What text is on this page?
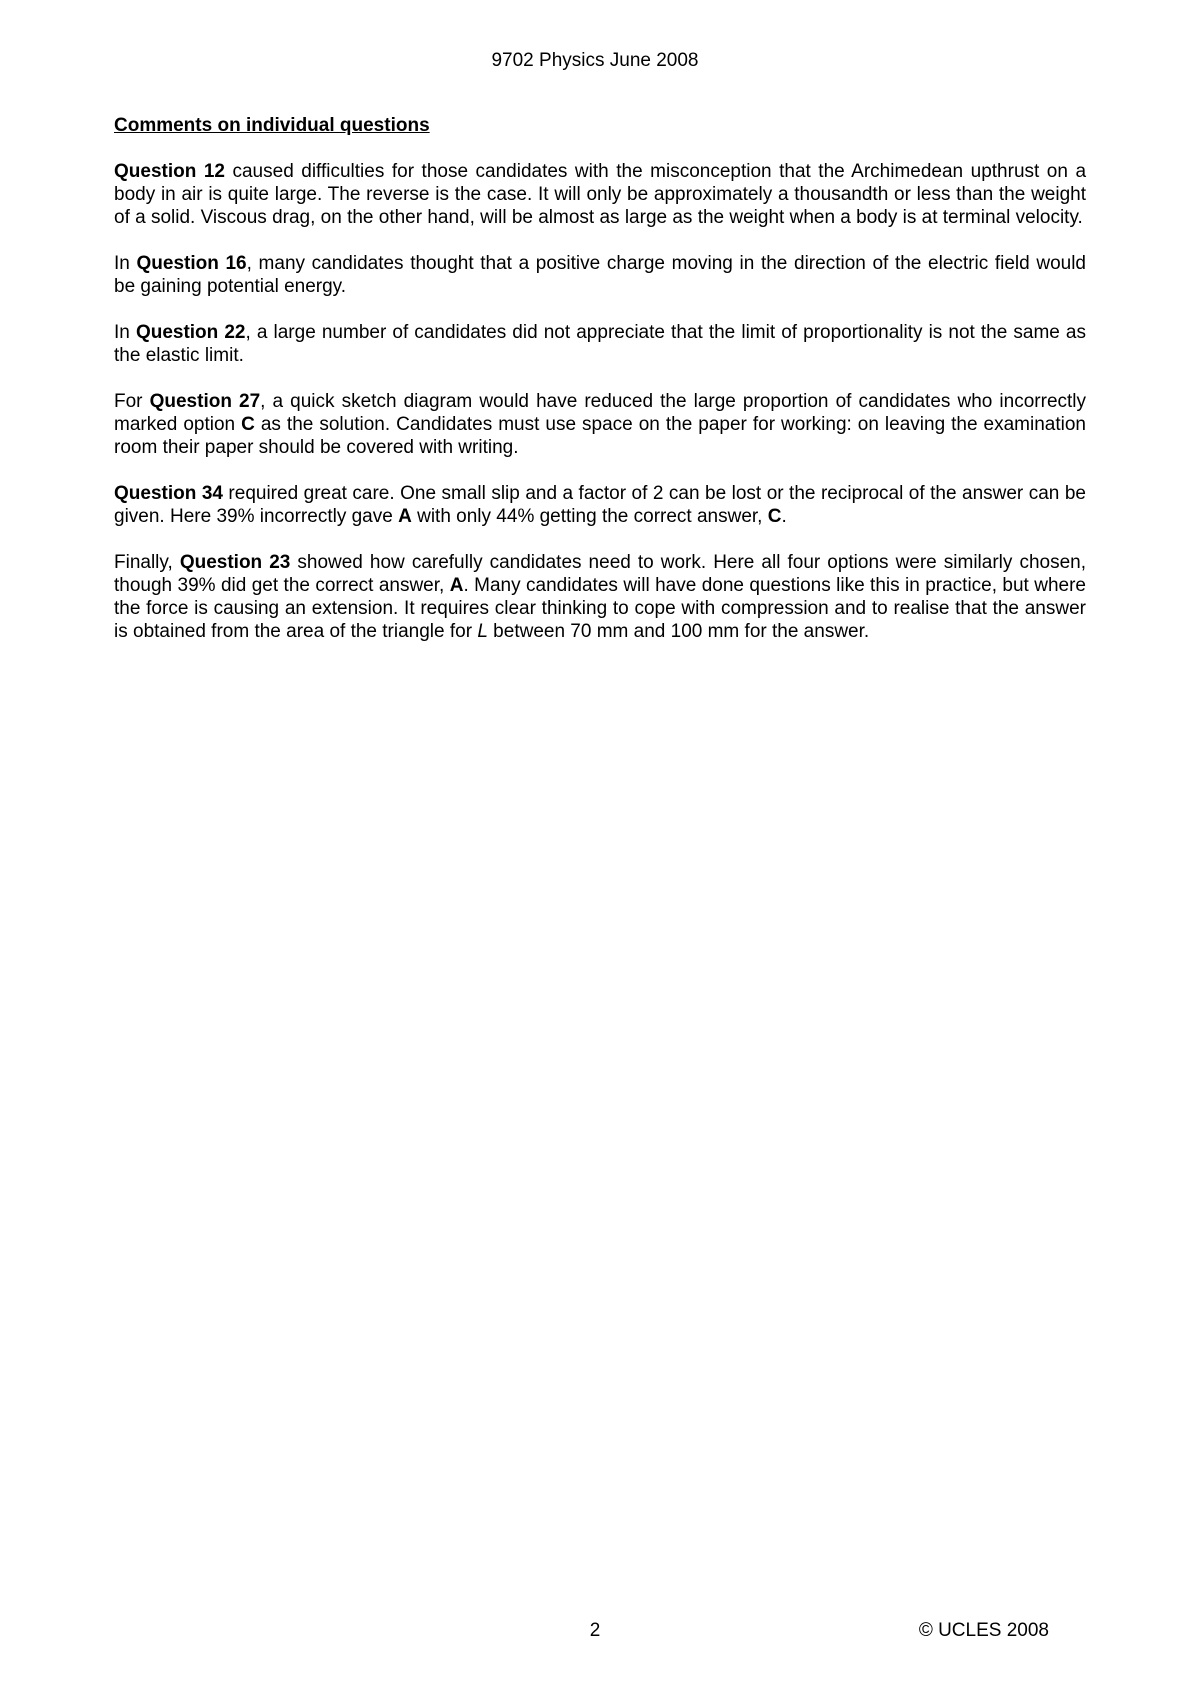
9702 Physics June 2008
Comments on individual questions

Question 12 caused difficulties for those candidates with the misconception that the Archimedean upthrust on a body in air is quite large. The reverse is the case. It will only be approximately a thousandth or less than the weight of a solid. Viscous drag, on the other hand, will be almost as large as the weight when a body is at terminal velocity.

In Question 16, many candidates thought that a positive charge moving in the direction of the electric field would be gaining potential energy.

In Question 22, a large number of candidates did not appreciate that the limit of proportionality is not the same as the elastic limit.

For Question 27, a quick sketch diagram would have reduced the large proportion of candidates who incorrectly marked option C as the solution. Candidates must use space on the paper for working: on leaving the examination room their paper should be covered with writing.

Question 34 required great care. One small slip and a factor of 2 can be lost or the reciprocal of the answer can be given. Here 39% incorrectly gave A with only 44% getting the correct answer, C.

Finally, Question 23 showed how carefully candidates need to work. Here all four options were similarly chosen, though 39% did get the correct answer, A. Many candidates will have done questions like this in practice, but where the force is causing an extension. It requires clear thinking to cope with compression and to realise that the answer is obtained from the area of the triangle for L between 70 mm and 100 mm for the answer.

2	© UCLES 2008
